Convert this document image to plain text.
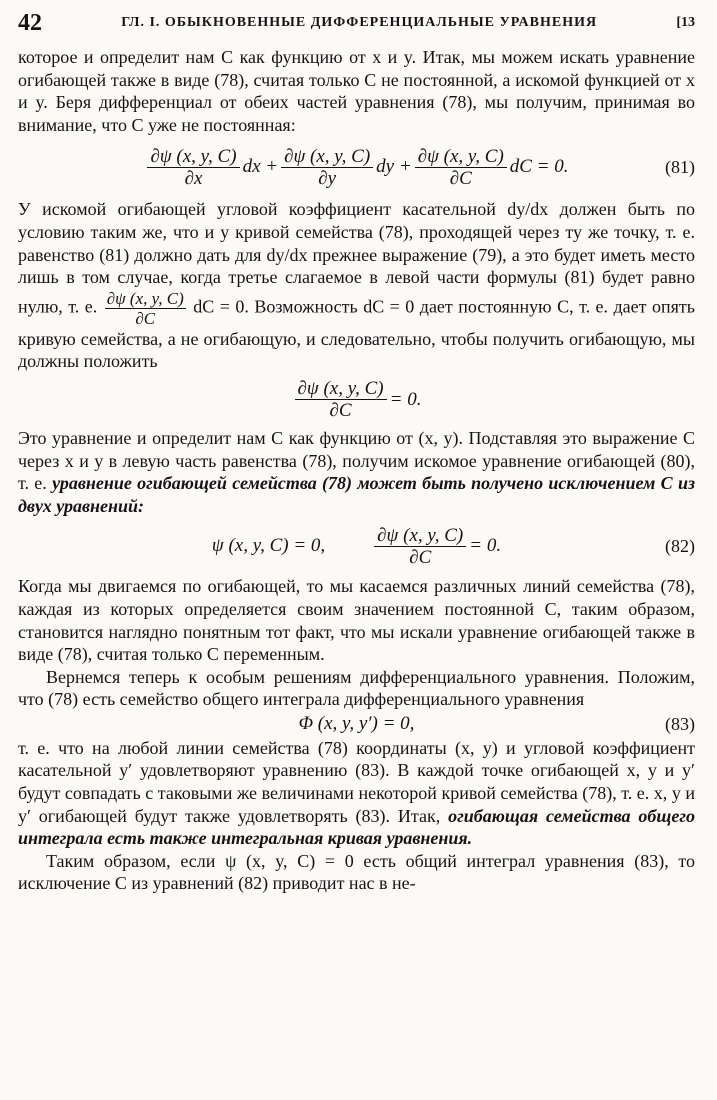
42	ГЛ. I. ОБЫКНОВЕННЫЕ ДИФФЕРЕНЦИАЛЬНЫЕ УРАВНЕНИЯ	[13

которое и определит нам C как функцию от x и y. Итак, мы можем искать уравнение огибающей также в виде (78), считая только C не постоянной, а искомой функцией от x и y. Беря дифференциал от обеих частей уравнения (78), мы получим, принимая во внимание, что C уже не постоянная:

$\frac{\partial\psi (x, y, C)}{\partial x}$ dx + $\frac{\partial\psi (x, y, C)}{\partial y}$ dy + $\frac{\partial\psi (x, y, C)}{\partial C}$ dC = 0.	(81)

У искомой огибающей угловой коэффициент касательной dy/dx должен быть по условию таким же, что и у кривой семейства (78), проходящей через ту же точку, т. е. равенство (81) должно дать для dy/dx прежнее выражение (79), а это будет иметь место лишь в том случае, когда третье слагаемое в левой части формулы (81) будет равно нулю, т. е. $\frac{\partial\psi (x, y, C)}{\partial C}$ dC = 0. Возможность dC = 0 дает постоянную C, т. е. дает опять кривую семейства, а не огибающую, и следовательно, чтобы получить огибающую, мы должны положить

$\frac{\partial\psi (x, y, C)}{\partial C} = 0$.

Это уравнение и определит нам C как функцию от (x, y). Подставляя это выражение C через x и y в левую часть равенства (78), получим искомое уравнение огибающей (80), т. е. уравнение огибающей семейства (78) может быть получено исключением C из двух уравнений:

ψ (x, y, C) = 0,	$\frac{\partial\psi (x, y, C)}{\partial C} = 0$.	(82)

Когда мы двигаемся по огибающей, то мы касаемся различных линий семейства (78), каждая из которых определяется своим значением постоянной C, таким образом, становится наглядно понятным тот факт, что мы искали уравнение огибающей также в виде (78), считая только C переменным.

Вернемся теперь к особым решениям дифференциального уравнения. Положим, что (78) есть семейство общего интеграла дифференциального уравнения

Φ (x, y, y′) = 0,	(83)

т. е. что на любой линии семейства (78) координаты (x, y) и угловой коэффициент касательной y′ удовлетворяют уравнению (83). В каждой точке огибающей x, y и y′ будут совпадать с таковыми же величинами некоторой кривой семейства (78), т. е. x, y и y′ огибающей будут также удовлетворять (83). Итак, огибающая семейства общего интеграла есть также интегральная кривая уравнения.

Таким образом, если ψ (x, y, C) = 0 есть общий интеграл уравнения (83), то исключение C из уравнений (82) приводит нас в не-
